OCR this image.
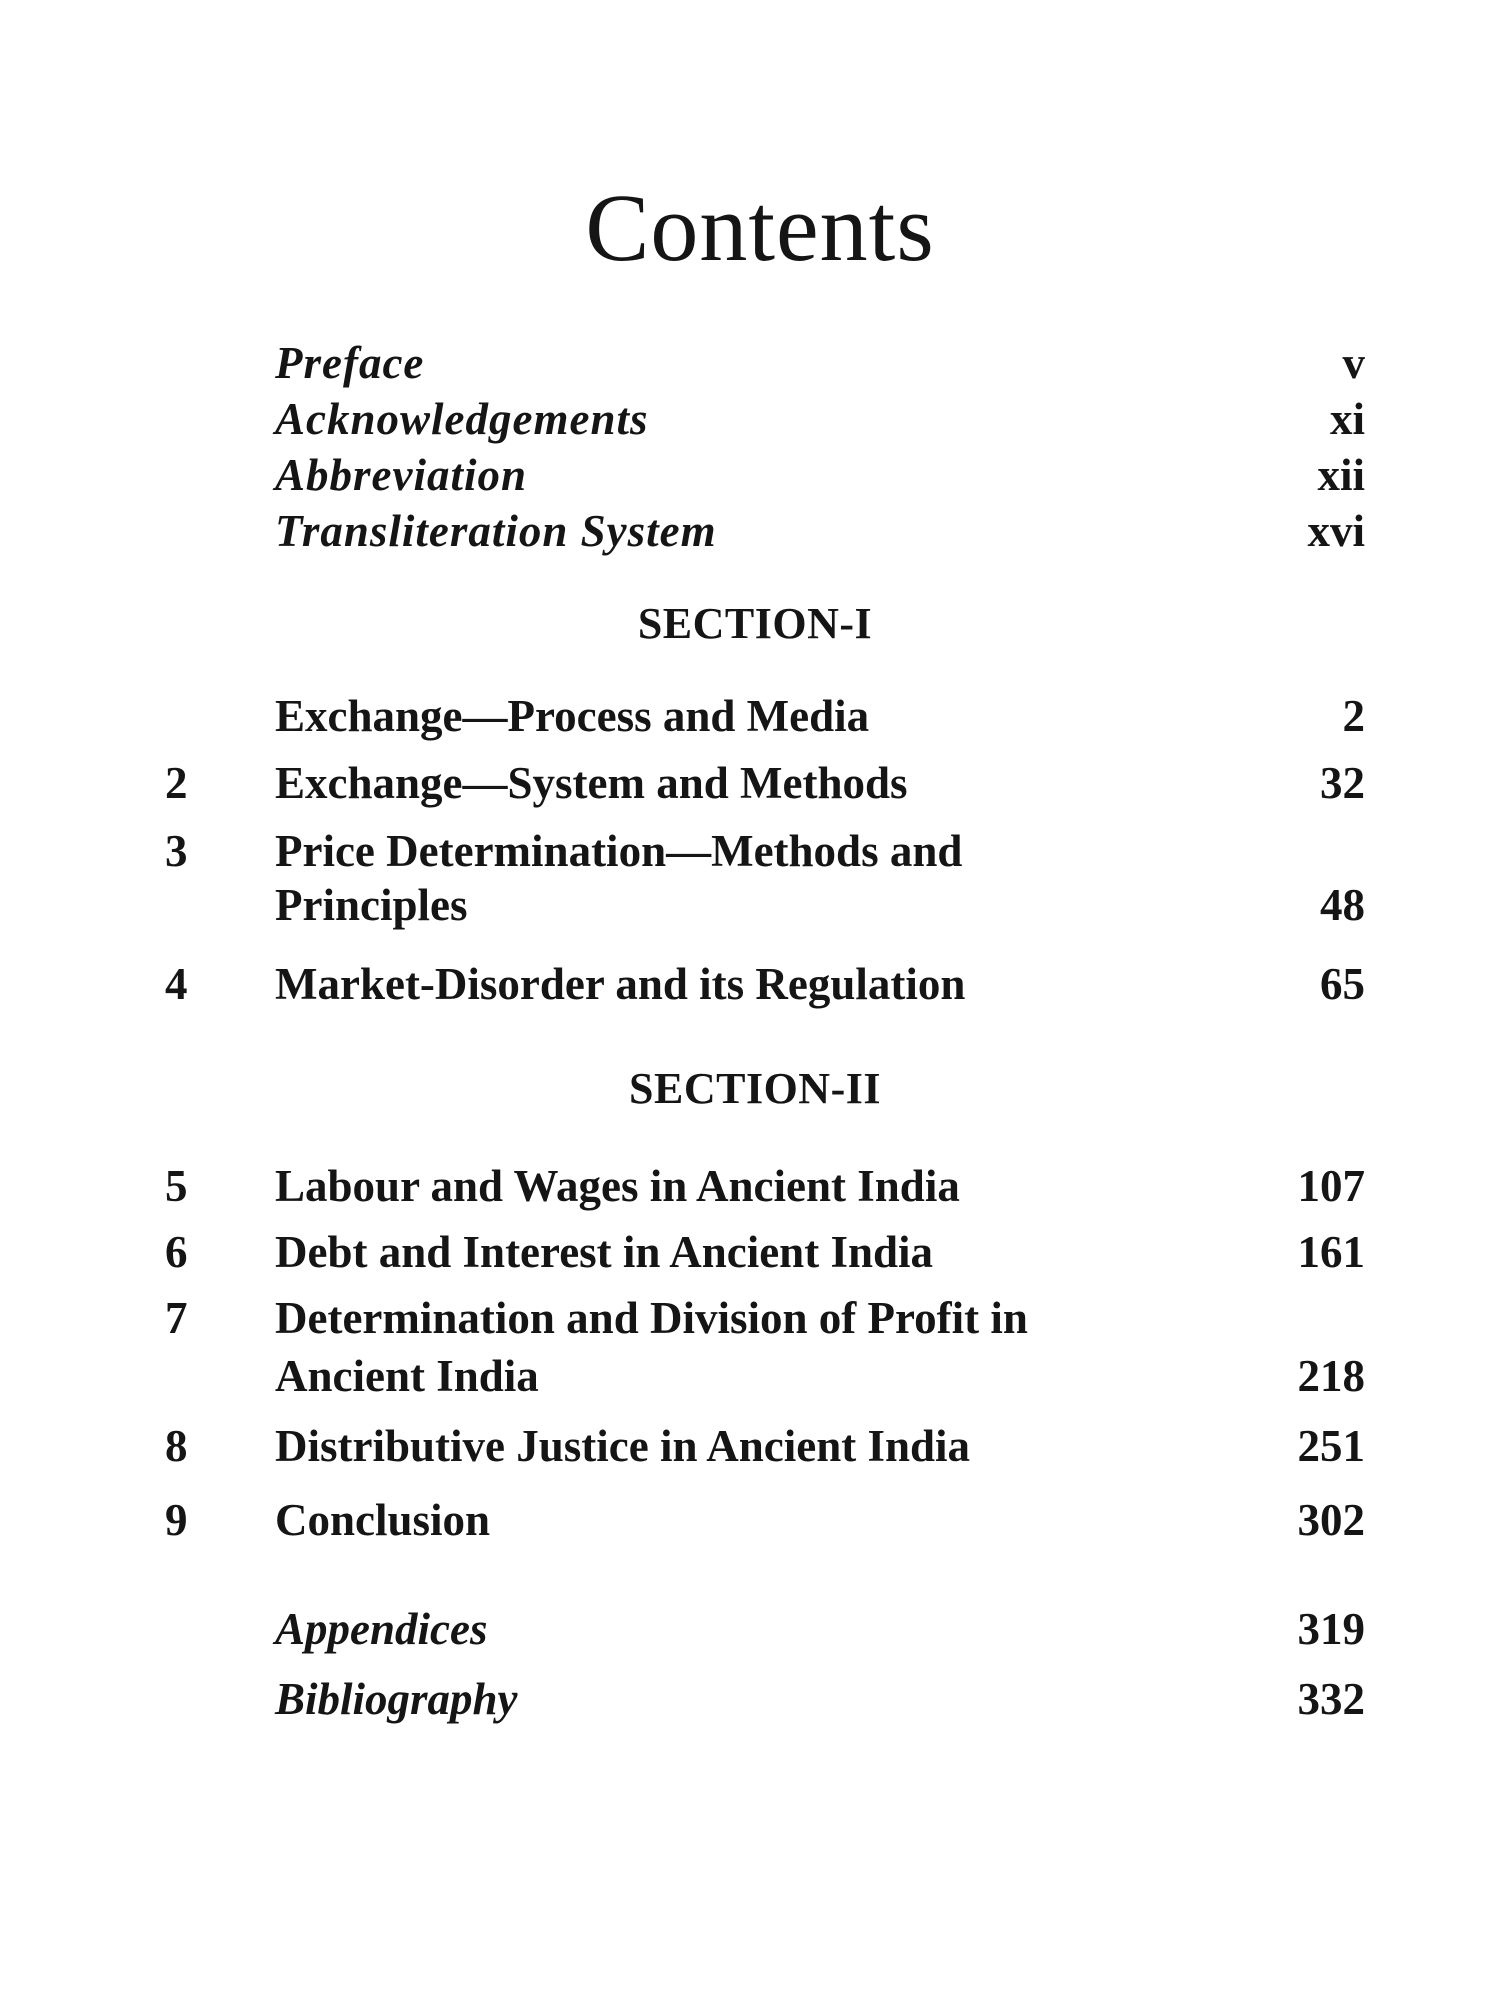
Contents
Preface	v
Acknowledgements	xi
Abbreviation	xii
Transliteration System	xvi
SECTION-I
Exchange—Process and Media	2
2	Exchange—System and Methods	32
3	Price Determination—Methods and
Principles	48
4	Market-Disorder and its Regulation	65
SECTION-II
5	Labour and Wages in Ancient India	107
6	Debt and Interest in Ancient India	161
7	Determination and Division of Profit in
Ancient India	218
8	Distributive Justice in Ancient India	251
9	Conclusion	302
Appendices	319
Bibliography	332
